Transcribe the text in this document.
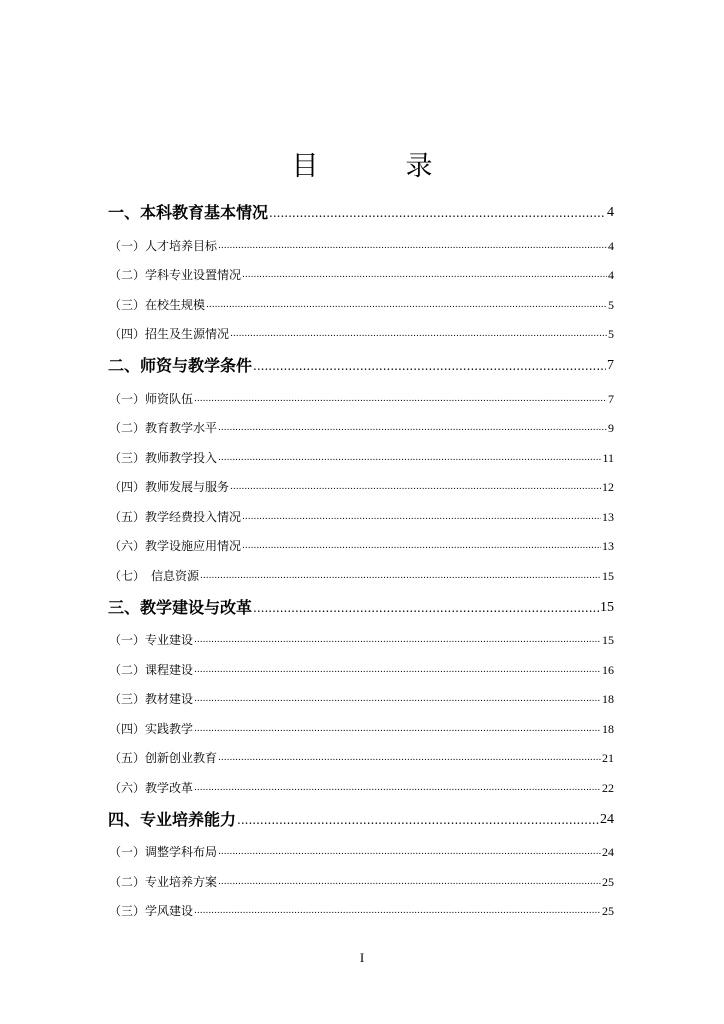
目　录
一、本科教育基本情况 .....	4
（一）人才培养目标 .....	4
（二）学科专业设置情况 .....	4
（三）在校生规模 .....	5
（四）招生及生源情况 .....	5
二、师资与教学条件 .....	7
（一）师资队伍 .....	7
（二）教育教学水平 .....	9
（三）教师教学投入 .....	11
（四）教师发展与服务 .....	12
（五）教学经费投入情况 .....	13
（六）教学设施应用情况 .....	13
（七）　信息资源 .....	15
三、教学建设与改革 .....	15
（一）专业建设 .....	15
（二）课程建设 .....	16
（三）教材建设 .....	18
（四）实践教学 .....	18
（五）创新创业教育 .....	21
（六）教学改革 .....	22
四、专业培养能力 .....	24
（一）调整学科布局 .....	24
（二）专业培养方案 .....	25
（三）学风建设 .....	25
I
